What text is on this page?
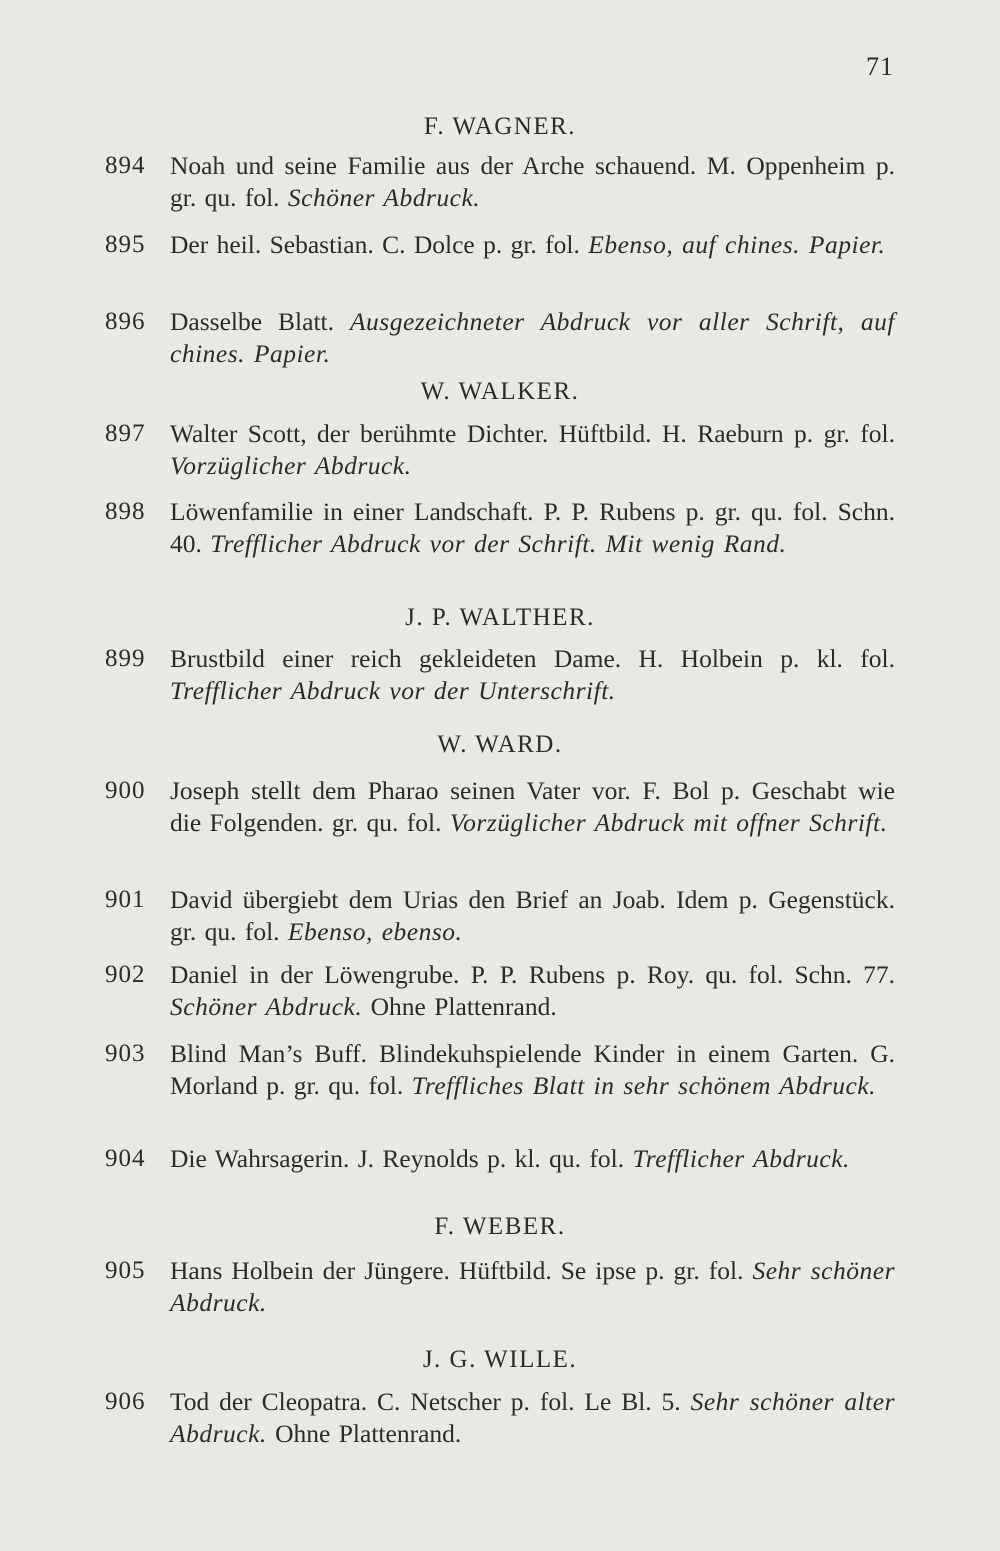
71
F. WAGNER.
894 Noah und seine Familie aus der Arche schauend. M. Oppenheim p. gr. qu. fol. Schöner Abdruck.
895 Der heil. Sebastian. C. Dolce p. gr. fol. Ebenso, auf chines. Papier.
896 Dasselbe Blatt. Ausgezeichneter Abdruck vor aller Schrift, auf chines. Papier.
W. WALKER.
897 Walter Scott, der berühmte Dichter. Hüftbild. H. Raeburn p. gr. fol. Vorzüglicher Abdruck.
898 Löwenfamilie in einer Landschaft. P. P. Rubens p. gr. qu. fol. Schn. 40. Trefflicher Abdruck vor der Schrift. Mit wenig Rand.
J. P. WALTHER.
899 Brustbild einer reich gekleideten Dame. H. Holbein p. kl. fol. Trefflicher Abdruck vor der Unterschrift.
W. WARD.
900 Joseph stellt dem Pharao seinen Vater vor. F. Bol p. Geschabt wie die Folgenden. gr. qu. fol. Vorzüglicher Abdruck mit offner Schrift.
901 David übergiebt dem Urias den Brief an Joab. Idem p. Gegenstück. gr. qu. fol. Ebenso, ebenso.
902 Daniel in der Löwengrube. P. P. Rubens p. Roy. qu. fol. Schn. 77. Schöner Abdruck. Ohne Plattenrand.
903 Blind Man’s Buff. Blindekuhspielende Kinder in einem Garten. G. Morland p. gr. qu. fol. Treffliches Blatt in sehr schönem Abdruck.
904 Die Wahrsagerin. J. Reynolds p. kl. qu. fol. Trefflicher Abdruck.
F. WEBER.
905 Hans Holbein der Jüngere. Hüftbild. Se ipse p. gr. fol. Sehr schöner Abdruck.
J. G. WILLE.
906 Tod der Cleopatra. C. Netscher p. fol. Le Bl. 5. Sehr schöner alter Abdruck. Ohne Plattenrand.
